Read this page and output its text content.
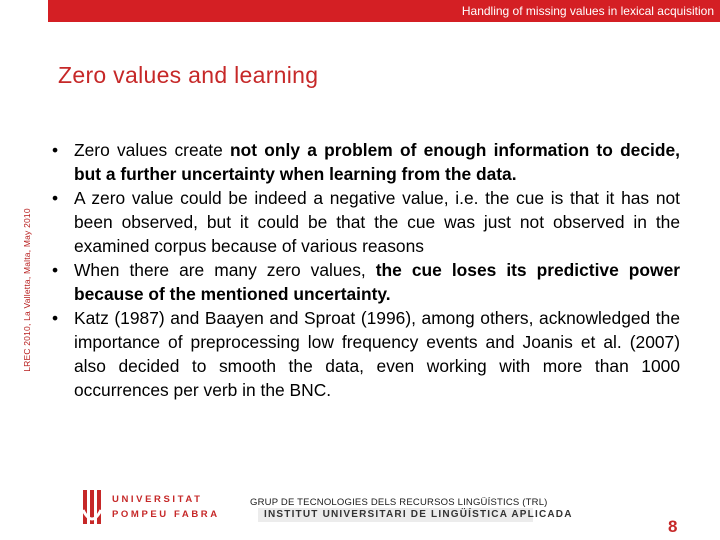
Handling of missing values in lexical acquisition
LREC 2010, La Valletta, Malta, May 2010
Zero values and learning
• Zero values create not only a problem of enough information to decide, but a further uncertainty when learning from the data.
• A zero value could be indeed a negative value, i.e. the cue is that it has not been observed, but it could be that the cue was just not observed in the examined corpus because of various reasons
• When there are many zero values, the cue loses its predictive power because of the mentioned uncertainty.
• Katz (1987) and Baayen and Sproat (1996), among others, acknowledged the importance of preprocessing low frequency events and Joanis et al. (2007) also decided to smooth the data, even working with more than 1000 occurrences per verb in the BNC.
UNIVERSITAT
POMPEU FABRA
GRUP DE TECNOLOGIES DELS RECURSOS LINGÜÍSTICS (TRL)
INSTITUT UNIVERSITARI DE LINGÜÍSTICA APLICADA
8
